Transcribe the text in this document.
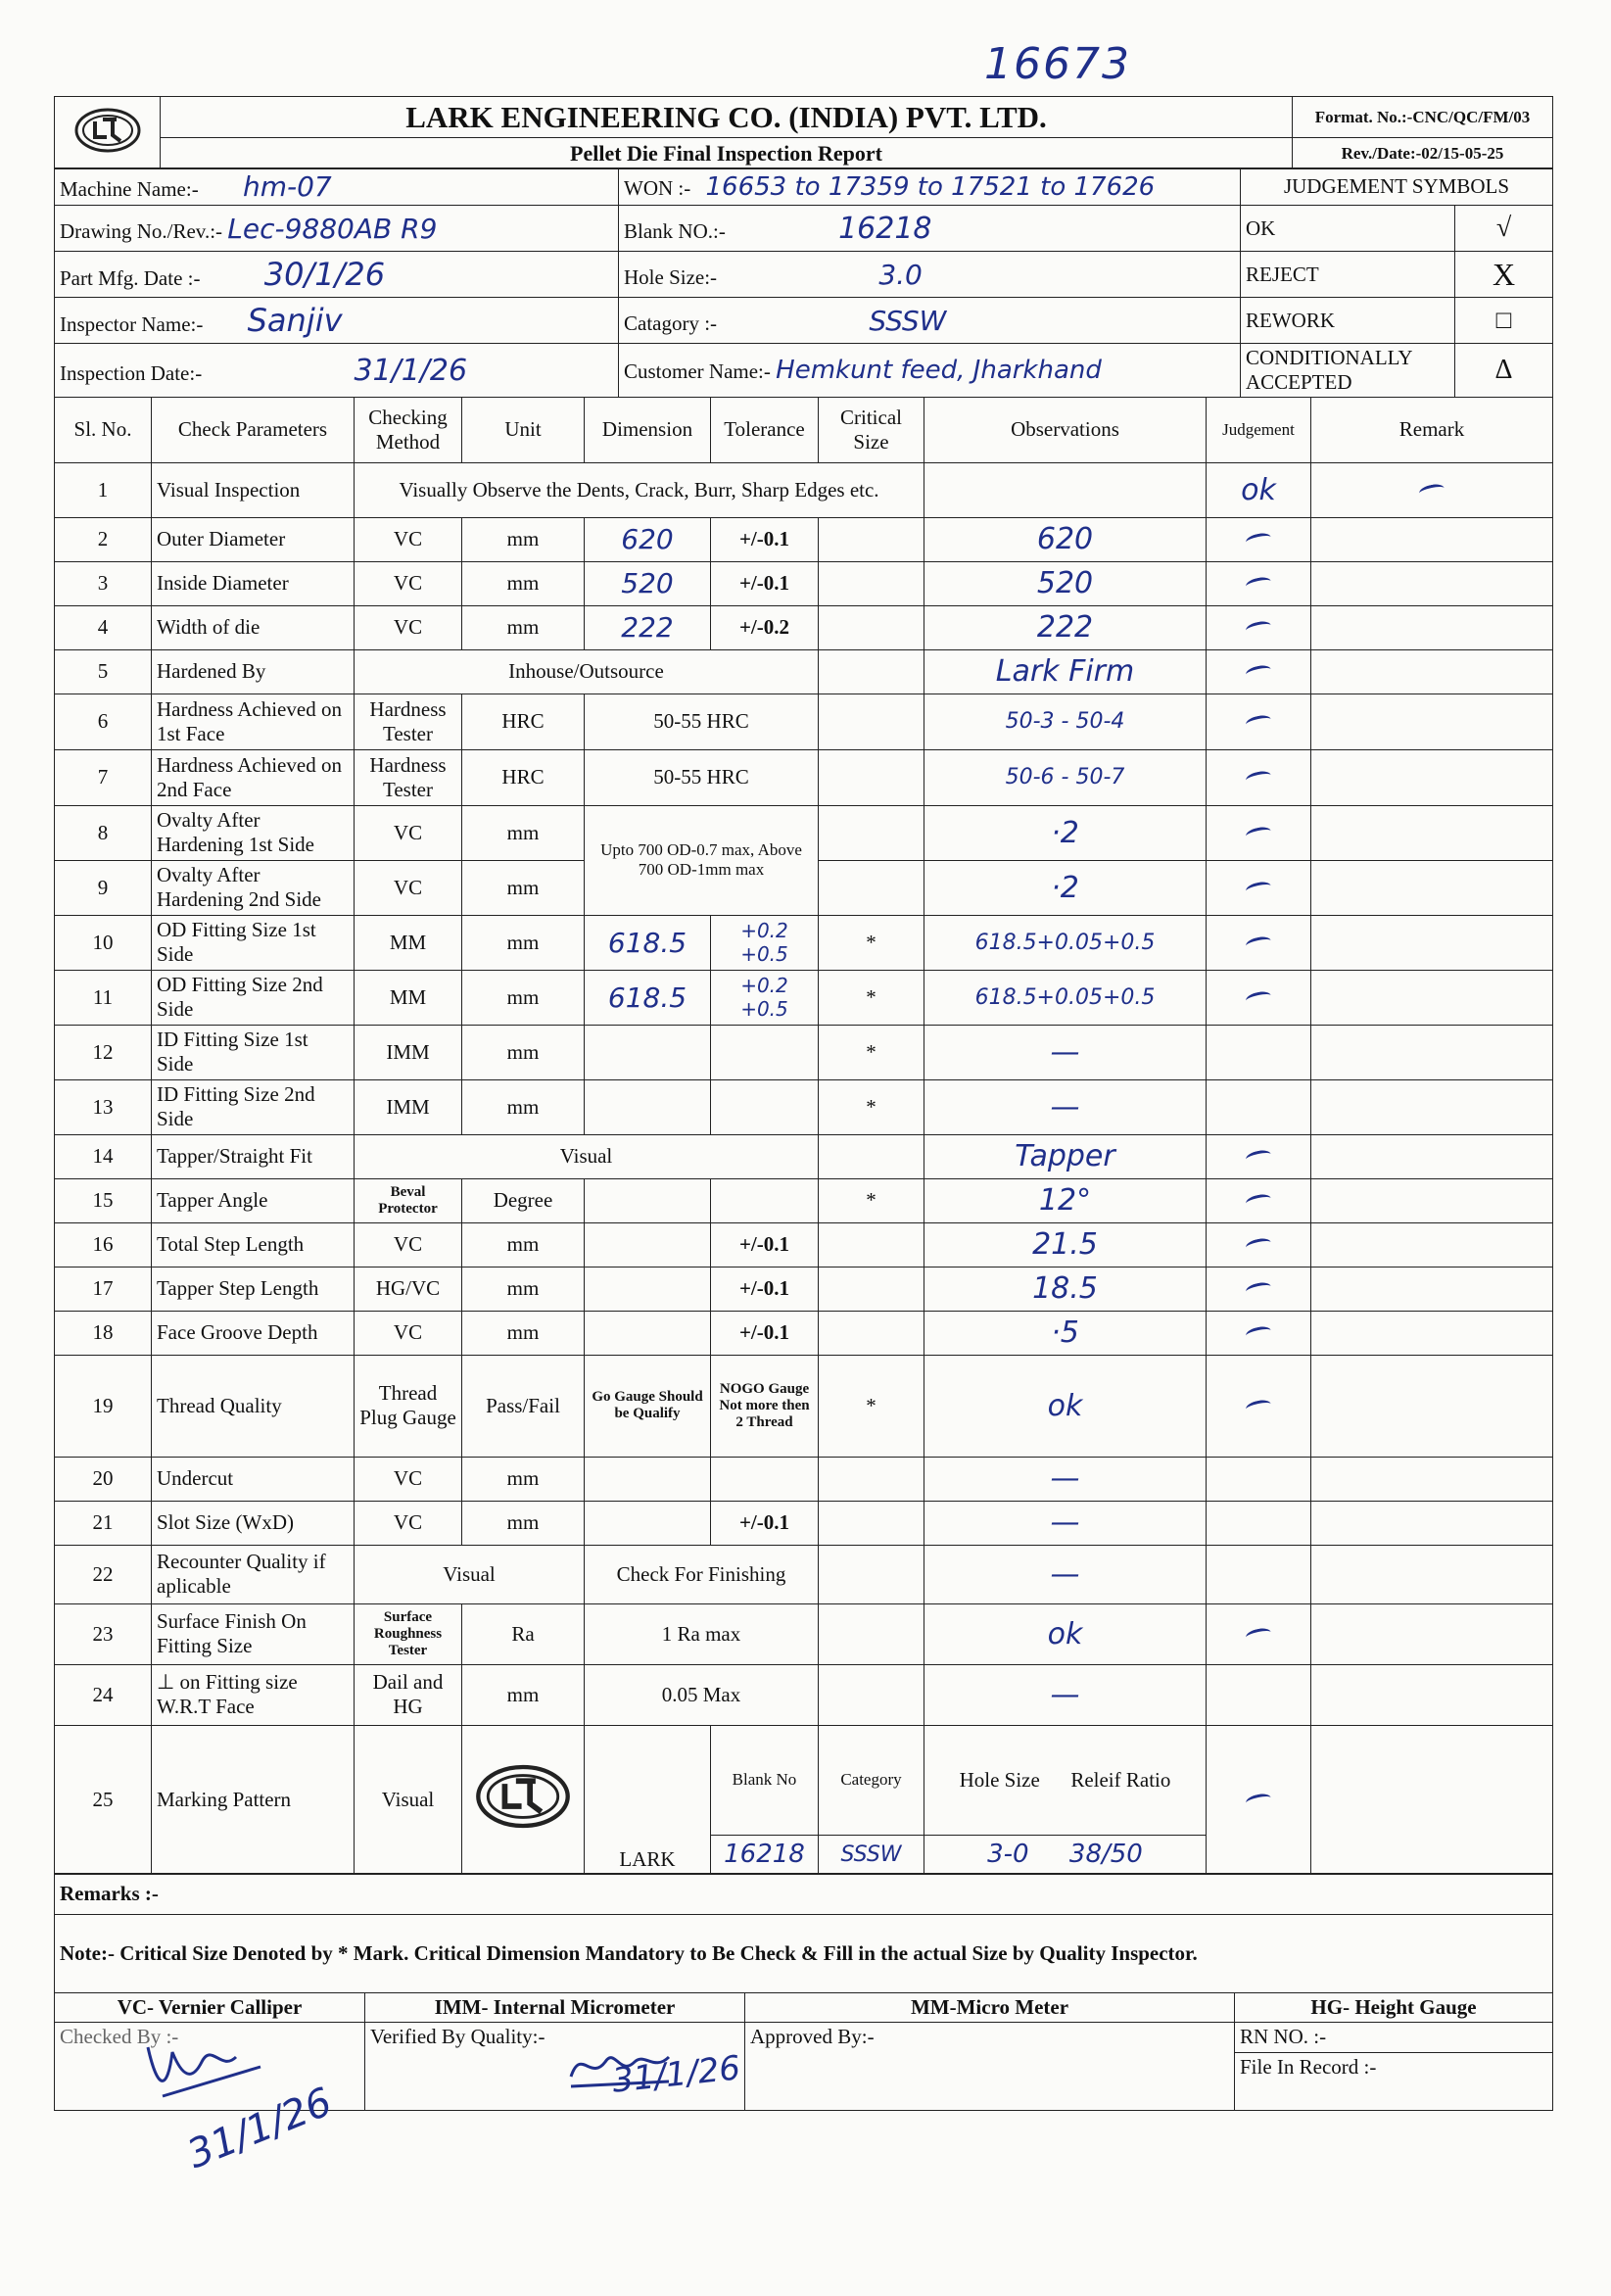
16673
	LARK ENGINEERING CO. (INDIA) PVT. LTD.	Format. No.:-CNC/QC/FM/03
	Pellet Die Final Inspection Report	Rev./Date:-02/15-05-25
Machine Name:- hm-07	WON :- 16653 to 17359 to 17521 to 17626	JUDGEMENT SYMBOLS	
Drawing No./Rev.:- Lec-9880AB R9	Blank NO.:- 16218	OK	√
Part Mfg. Date :- 30/1/26	Hole Size:- 3.0	REJECT	X
Inspector Name:- Sanjiv	Catagory :- SSSW	REWORK	□
Inspection Date:- 31/1/26	Customer Name:- Hemkunt feed, Jharkhand	CONDITIONALLY ACCEPTED	Δ
Sl. No.	Check Parameters	Checking Method	Unit	Dimension	Tolerance	Critical Size	Observations	Judgement	Remark	
1	Visual Inspection	Visually Observe the Dents, Crack, Burr, Sharp Edges etc.						ok		
2	Outer Diameter	VC	mm	620	+/-0.1		620			
3	Inside Diameter	VC	mm	520	+/-0.1		520			
4	Width of die	VC	mm	222	+/-0.2		222			
5	Hardened By	Inhouse/Outsource					Lark Firm			
6	Hardness Achieved on 1st Face	Hardness Tester	HRC	50-55 HRC			50-3 - 50-4			
7	Hardness Achieved on 2nd Face	Hardness Tester	HRC	50-55 HRC			50-6 - 50-7			
8	Ovalty After Hardening 1st Side	VC	mm	Upto 700 OD-0.7 max, Above 700 OD-1mm max			·2			
9	Ovalty After Hardening 2nd Side	VC	mm				·2			
10	OD Fitting Size 1st Side	MM	mm	618.5	+0.2 +0.5	*	618.5+0.05+0.5			
11	OD Fitting Size 2nd Side	MM	mm	618.5	+0.2 +0.5	*	618.5+0.05+0.5			
12	ID Fitting Size 1st Side	IMM	mm			*	—			
13	ID Fitting Size 2nd Side	IMM	mm			*	—			
14	Tapper/Straight Fit	Visual					Tapper			
15	Tapper Angle	Beval Protector	Degree			*	12°			
16	Total Step Length	VC	mm		+/-0.1		21.5			
17	Tapper Step Length	HG/VC	mm		+/-0.1		18.5			
18	Face Groove Depth	VC	mm		+/-0.1		·5			
19	Thread Quality	Thread Plug Gauge	Pass/Fail	Go Gauge Should be Qualify	NOGO Gauge Not more then 2 Thread	*	ok			
20	Undercut	VC	mm				—			
21	Slot Size (WxD)	VC	mm		+/-0.1		—			
22	Recounter Quality if aplicable	Visual		Check For Finishing			—			
23	Surface Finish On Fitting Size	Surface Roughness Tester	Ra	1 Ra max			ok			
24	⊥ on Fitting size W.R.T Face	Dail and HG	mm	0.05 Max			—			
25	Marking Pattern	Visual		LARK	Blank No	Category	Hole Size Releif Ratio			
					16218	SSSW	3-0 38/50			
Remarks :-			
Note:- Critical Size Denoted by * Mark. Critical Dimension Mandatory to Be Check & Fill in the actual Size by Quality Inspector.			
VC- Vernier Calliper	IMM- Internal Micrometer	MM-Micro Meter	HG- Height Gauge
Checked By :-	Verified By Quality:-	Approved By:-	RN NO. :-
File In Record :-
31/1/26
31/1/26
